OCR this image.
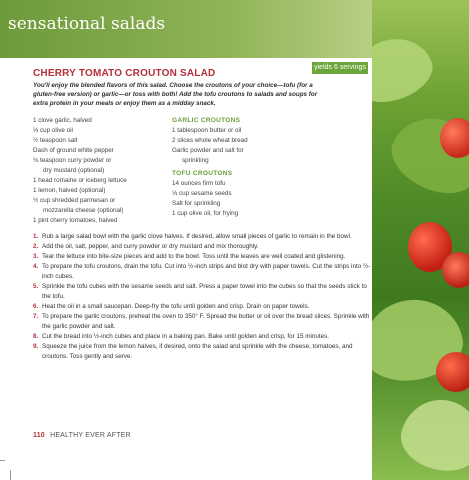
sensational salads
yields 6 servings
CHERRY TOMATO CROUTON SALAD
You'll enjoy the blended flavors of this salad. Choose the croutons of your choice—tofu (for a gluten-free version) or garlic—or toss with both! Add the tofu croutons to salads and soups for extra protein in your meals or enjoy them as a midday snack.
1 clove garlic, halved
⅓ cup olive oil
½ teaspoon salt
Dash of ground white pepper
⅛ teaspoon curry powder or
dry mustard (optional)
1 head romaine or iceberg lettuce
1 lemon, halved (optional)
½ cup shredded parmesan or
mozzarella cheese (optional)
1 pint cherry tomatoes, halved
GARLIC CROUTONS
1 tablespoon butter or oil
2 slices whole wheat bread
Garlic powder and salt for
sprinkling
TOFU CROUTONS
14 ounces firm tofu
⅓ cup sesame seeds
Salt for sprinkling
1 cup olive oil, for frying
1. Rub a large salad bowl with the garlic clove halves. If desired, allow small pieces of garlic to remain in the bowl.
2. Add the oil, salt, pepper, and curry powder or dry mustard and mix thoroughly.
3. Tear the lettuce into bite-size pieces and add to the bowl. Toss until the leaves are well coated and glistening.
4. To prepare the tofu croutons, drain the tofu. Cut into ½-inch strips and blot dry with paper towels. Cut the strips into ½-inch cubes.
5. Sprinkle the tofu cubes with the sesame seeds and salt. Press a paper towel into the cubes so that the seeds stick to the tofu.
6. Heat the oil in a small saucepan. Deep-fry the tofu until golden and crisp. Drain on paper towels.
7. To prepare the garlic croutons, preheat the oven to 350° F. Spread the butter or oil over the bread slices. Sprinkle with the garlic powder and salt.
8. Cut the bread into ½-inch cubes and place in a baking pan. Bake until golden and crisp, for 15 minutes.
9. Squeeze the juice from the lemon halves, if desired, onto the salad and sprinkle with the cheese, tomatoes, and croutons. Toss gently and serve.
110 HEALTHY EVER AFTER
